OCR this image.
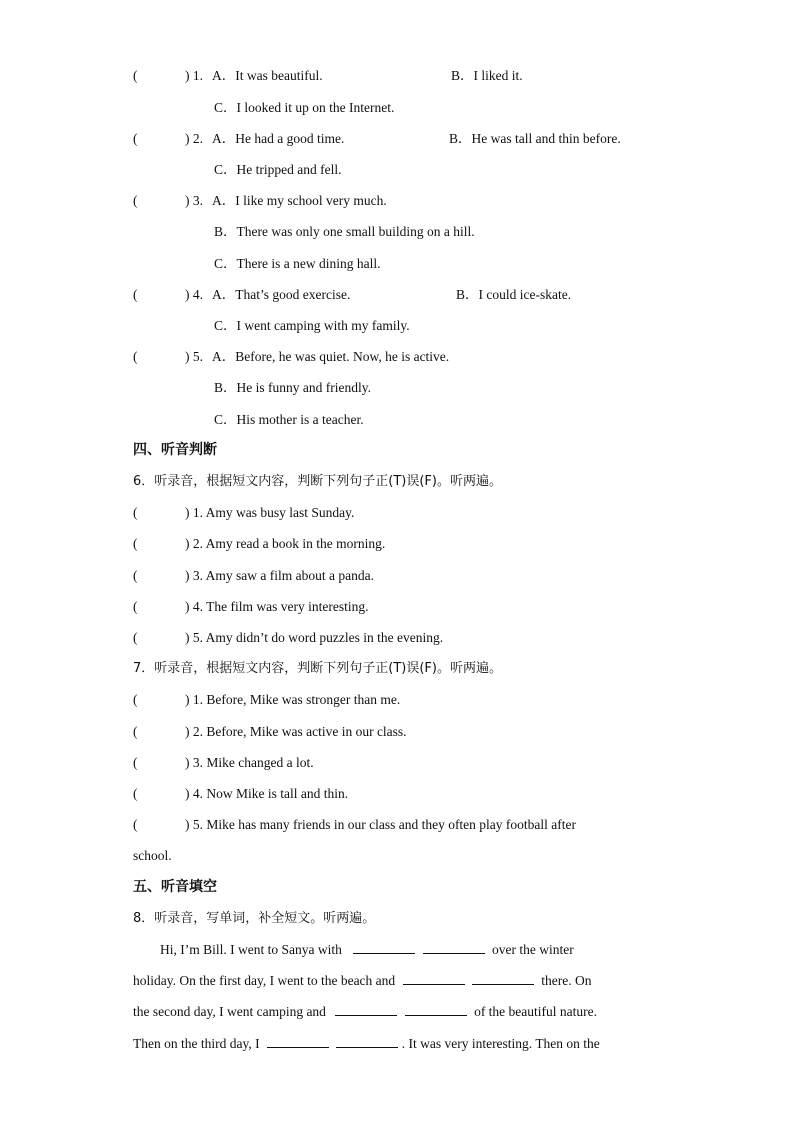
(	) 1. A．It was beautiful.	B．I liked it.
C．I looked it up on the Internet.
(	) 2. A．He had a good time.	B．He was tall and thin before.
C．He tripped and fell.
(	) 3. A．I like my school very much.
B．There was only one small building on a hill.
C．There is a new dining hall.
(	) 4. A．That’s good exercise.	B．I could ice-skate.
C．I went camping with my family.
(	) 5. A．Before, he was quiet. Now, he is active.
B．He is funny and friendly.
C．His mother is a teacher.
四、听音判断
6．听录音，根据短文内容，判断下列句子正(T)误(F)。听两遍。
(	) 1. Amy was busy last Sunday.
(	) 2. Amy read a book in the morning.
(	) 3. Amy saw a film about a panda.
(	) 4. The film was very interesting.
(	) 5. Amy didn’t do word puzzles in the evening.
7．听录音，根据短文内容，判断下列句子正(T)误(F)。听两遍。
(	) 1. Before, Mike was stronger than me.
(	) 2. Before, Mike was active in our class.
(	) 3. Mike changed a lot.
(	) 4. Now Mike is tall and thin.
(	) 5. Mike has many friends in our class and they often play football after
school.
五、听音填空
8．听录音，写单词，补全短文。听两遍。
Hi, I’m Bill. I went to Sanya with	over the winter
holiday. On the first day, I went to the beach and	there. On
the second day, I went camping and	of the beautiful nature.
Then on the third day, I	. It was very interesting. Then on the
